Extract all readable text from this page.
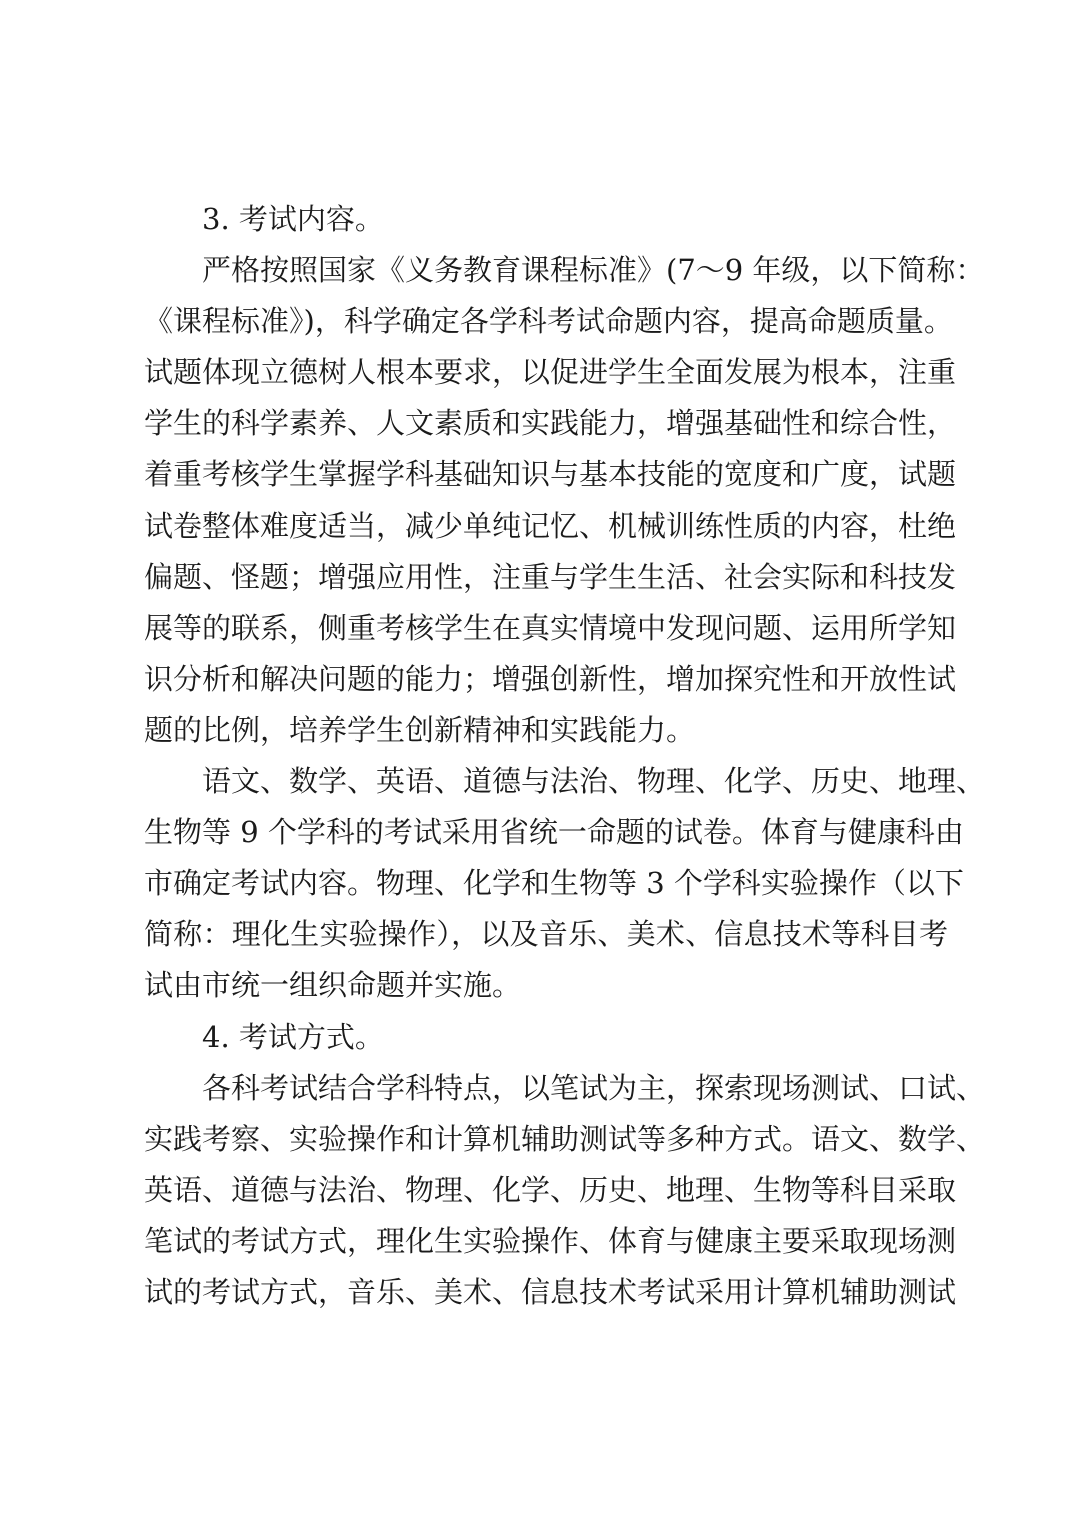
3. 考试内容。
严格按照国家《义务教育课程标准》(7～9 年级，以下简称：
《课程标准》)，科学确定各学科考试命题内容，提高命题质量。
试题体现立德树人根本要求，以促进学生全面发展为根本，注重
学生的科学素养、人文素质和实践能力，增强基础性和综合性，
着重考核学生掌握学科基础知识与基本技能的宽度和广度，试题
试卷整体难度适当，减少单纯记忆、机械训练性质的内容，杜绝
偏题、怪题；增强应用性，注重与学生生活、社会实际和科技发
展等的联系，侧重考核学生在真实情境中发现问题、运用所学知
识分析和解决问题的能力；增强创新性，增加探究性和开放性试
题的比例，培养学生创新精神和实践能力。
语文、数学、英语、道德与法治、物理、化学、历史、地理、
生物等 9 个学科的考试采用省统一命题的试卷。体育与健康科由
市确定考试内容。物理、化学和生物等 3 个学科实验操作（以下
简称：理化生实验操作），以及音乐、美术、信息技术等科目考
试由市统一组织命题并实施。
4. 考试方式。
各科考试结合学科特点，以笔试为主，探索现场测试、口试、
实践考察、实验操作和计算机辅助测试等多种方式。语文、数学、
英语、道德与法治、物理、化学、历史、地理、生物等科目采取
笔试的考试方式，理化生实验操作、体育与健康主要采取现场测
试的考试方式，音乐、美术、信息技术考试采用计算机辅助测试
